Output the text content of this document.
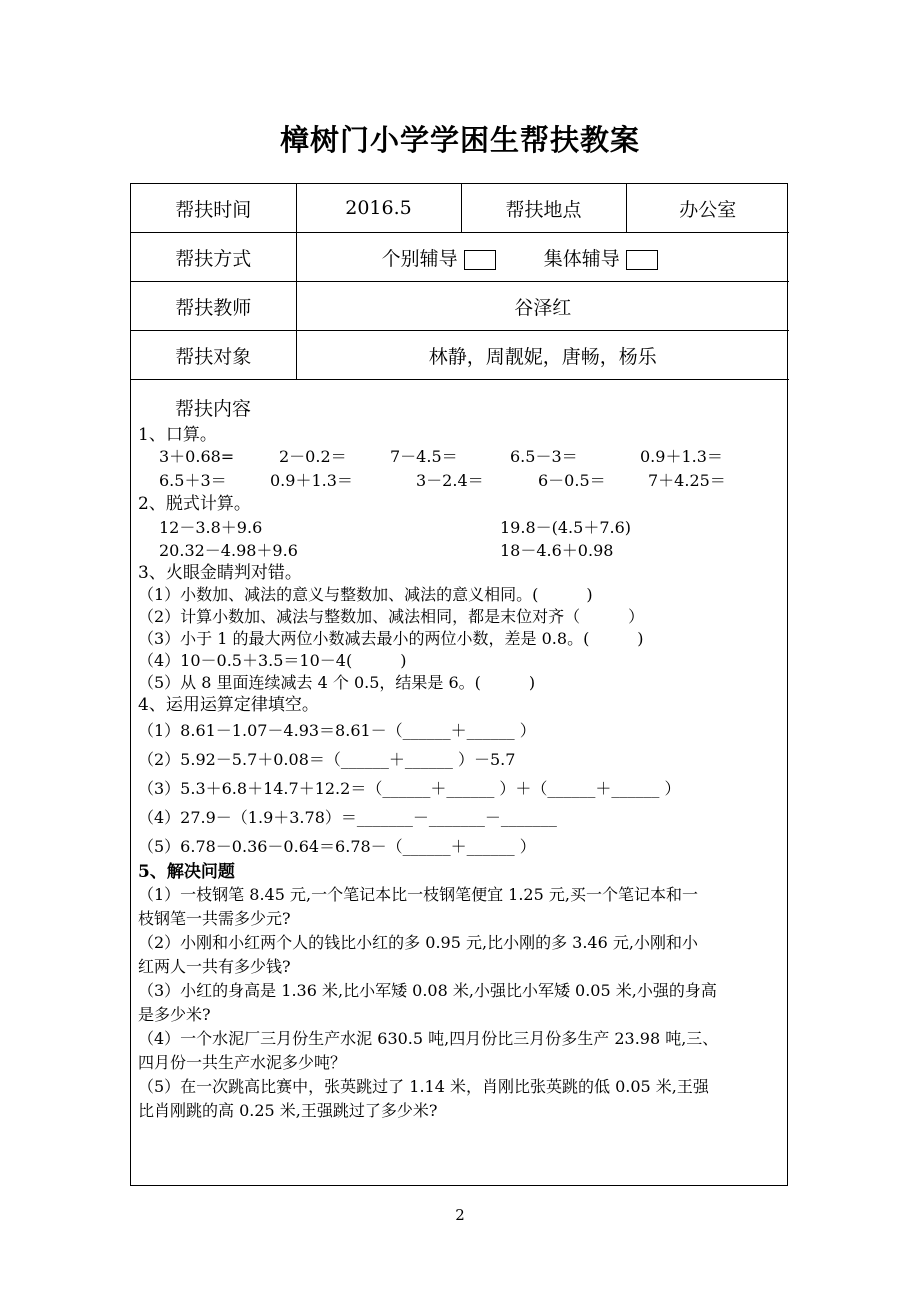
樟树门小学学困生帮扶教案
帮扶时间	2016.5	帮扶地点	办公室
帮扶方式	个别辅导 集体辅导		
帮扶教师	谷泽红		
帮扶对象	林静，周靓妮，唐畅，杨乐		
帮扶内容
1、口算。
3＋0.68=	2－0.2＝	7－4.5＝	6.5－3＝	0.9＋1.3＝
6.5＋3＝	0.9＋1.3＝	3－2.4＝	6－0.5＝	7＋4.25＝
2、脱式计算。
12－3.8＋9.6	19.8－(4.5＋7.6)
20.32－4.98＋9.6	18－4.6＋0.98
3、火眼金睛判对错。
（1）小数加、减法的意义与整数加、减法的意义相同。(　　　)
（2）计算小数加、减法与整数加、减法相同，都是末位对齐（　　　）
（3）小于 1 的最大两位小数减去最小的两位小数，差是 0.8。(　　　)
（4）10－0.5＋3.5＝10－4(　　　)
（5）从 8 里面连续减去 4 个 0.5，结果是 6。(　　　)
4、运用运算定律填空。
（1）8.61－1.07－4.93＝8.61－（______＋______ ）
（2）5.92－5.7＋0.08＝（______＋______ ）－5.7
（3）5.3＋6.8＋14.7＋12.2＝（______＋______ ）＋（______＋______ ）
（4）27.9－（1.9＋3.78）＝_______－_______－_______
（5）6.78－0.36－0.64＝6.78－（______＋______ ）
5、解决问题
（1）一枝钢笔 8.45 元,一个笔记本比一枝钢笔便宜 1.25 元,买一个笔记本和一
枝钢笔一共需多少元?
（2）小刚和小红两个人的钱比小红的多 0.95 元,比小刚的多 3.46 元,小刚和小
红两人一共有多少钱?
（3）小红的身高是 1.36 米,比小军矮 0.08 米,小强比小军矮 0.05 米,小强的身高
是多少米?
（4）一个水泥厂三月份生产水泥 630.5 吨,四月份比三月份多生产 23.98 吨,三、
四月份一共生产水泥多少吨？
（5）在一次跳高比赛中，张英跳过了 1.14 米，肖刚比张英跳的低 0.05 米,王强
比肖刚跳的高 0.25 米,王强跳过了多少米?
2
